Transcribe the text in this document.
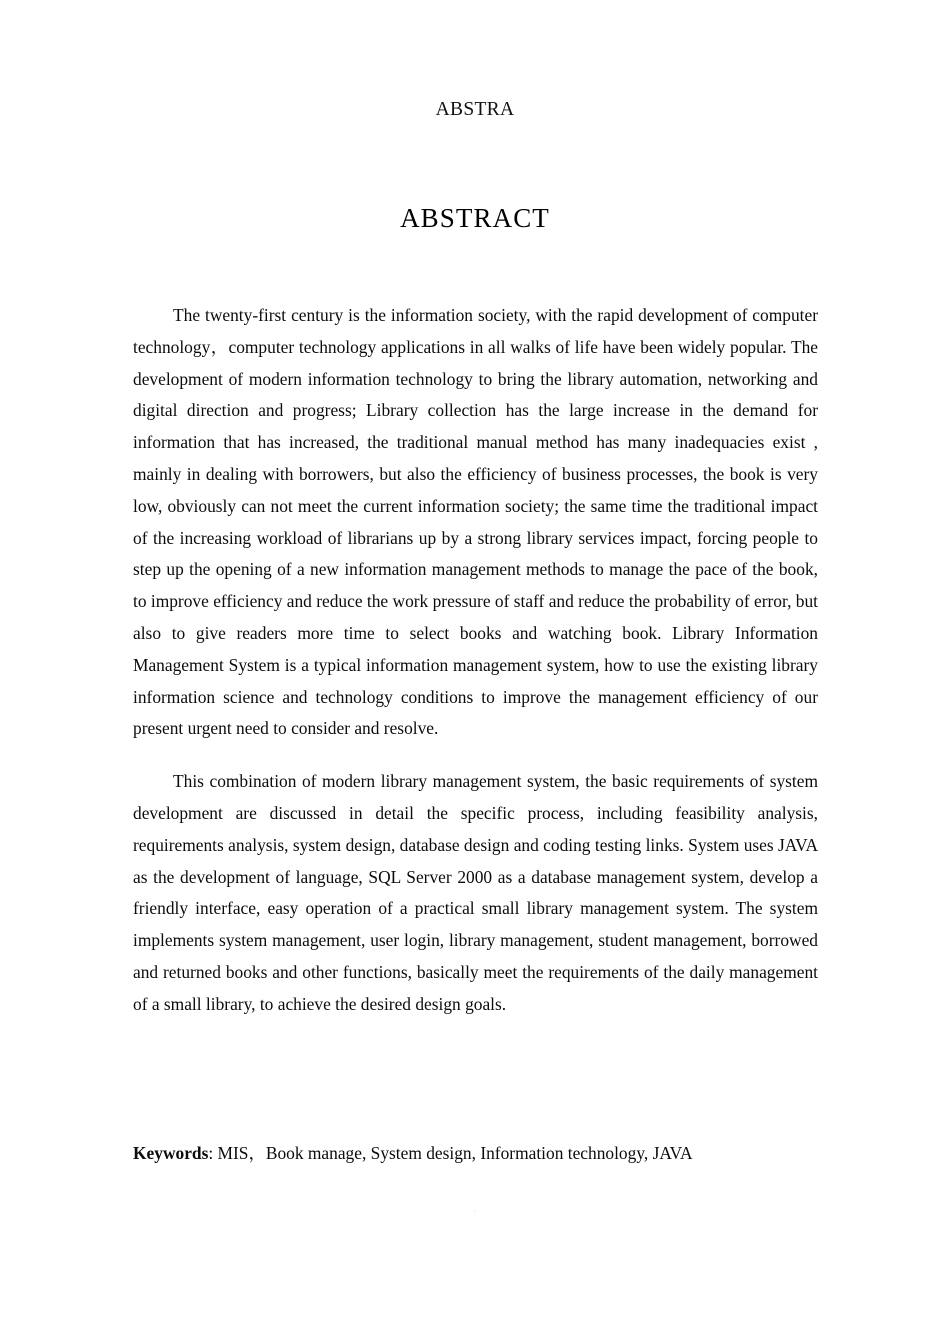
ABSTRA
ABSTRACT

The twenty-first century is the information society, with the rapid development of computer technology，computer technology applications in all walks of life have been widely popular. The development of modern information technology to bring the library automation, networking and digital direction and progress; Library collection has the large increase in the demand for information that has increased, the traditional manual method has many inadequacies exist , mainly in dealing with borrowers, but also the efficiency of business processes, the book is very low, obviously can not meet the current information society; the same time the traditional impact of the increasing workload of librarians up by a strong library services impact, forcing people to step up the opening of a new information management methods to manage the pace of the book, to improve efficiency and reduce the work pressure of staff and reduce the probability of error, but also to give readers more time to select books and watching book. Library Information Management System is a typical information management system, how to use the existing library information science and technology conditions to improve the management efficiency of our present urgent need to consider and resolve.

This combination of modern library management system, the basic requirements of system development are discussed in detail the specific process, including feasibility analysis, requirements analysis, system design, database design and coding testing links. System uses JAVA as the development of language, SQL Server 2000 as a database management system, develop a friendly interface, easy operation of a practical small library management system. The system implements system management, user login, library management, student management, borrowed and returned books and other functions, basically meet the requirements of the daily management of a small library, to achieve the desired design goals.

Keywords: MIS，Book manage, System design, Information technology, JAVA
·
